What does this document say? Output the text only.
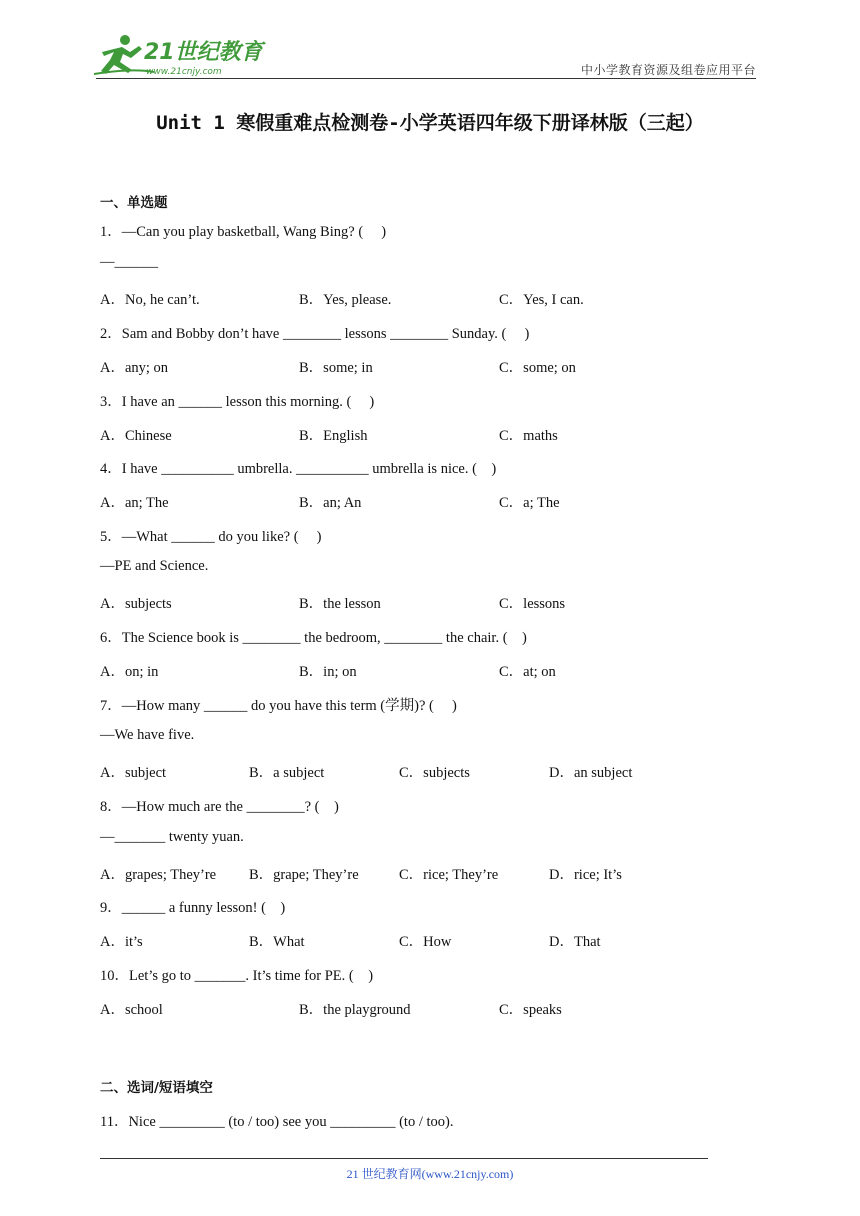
21世纪教育
www.21cnjy.com	中小学教育资源及组卷应用平台
Unit 1 寒假重难点检测卷-小学英语四年级下册译林版（三起）
一、单选题
1．—Can you play basketball, Wang Bing? (     )
—______
A．No, he can’t.	B．Yes, please.	C．Yes, I can.
2．Sam and Bobby don’t have ________ lessons ________ Sunday. (     )
A．any; on	B．some; in	C．some; on
3．I have an ______ lesson this morning. (     )
A．Chinese	B．English	C．maths
4．I have __________ umbrella. __________ umbrella is nice. (    )
A．an; The	B．an; An	C．a; The
5．—What ______ do you like? (     )
—PE and Science.
A．subjects	B．the lesson	C．lessons
6．The Science book is ________ the bedroom, ________ the chair. (    )
A．on; in	B．in; on	C．at; on
7．—How many ______ do you have this term (学期)? (     )
—We have five.
A．subject	B．a subject	C．subjects	D．an subject
8．—How much are the ________? (    )
—_______ twenty yuan.
A．grapes; They’re B．grape; They’re	C．rice; They’re	D．rice; It’s
9．______ a funny lesson! (    )
A．it’s	B．What	C．How	D．That
10．Let’s go to _______. It’s time for PE. (    )
A．school	B．the playground	C．speaks
二、选词/短语填空
11．Nice _________ (to / too) see you _________ (to / too).
21 世纪教育网(www.21cnjy.com)
